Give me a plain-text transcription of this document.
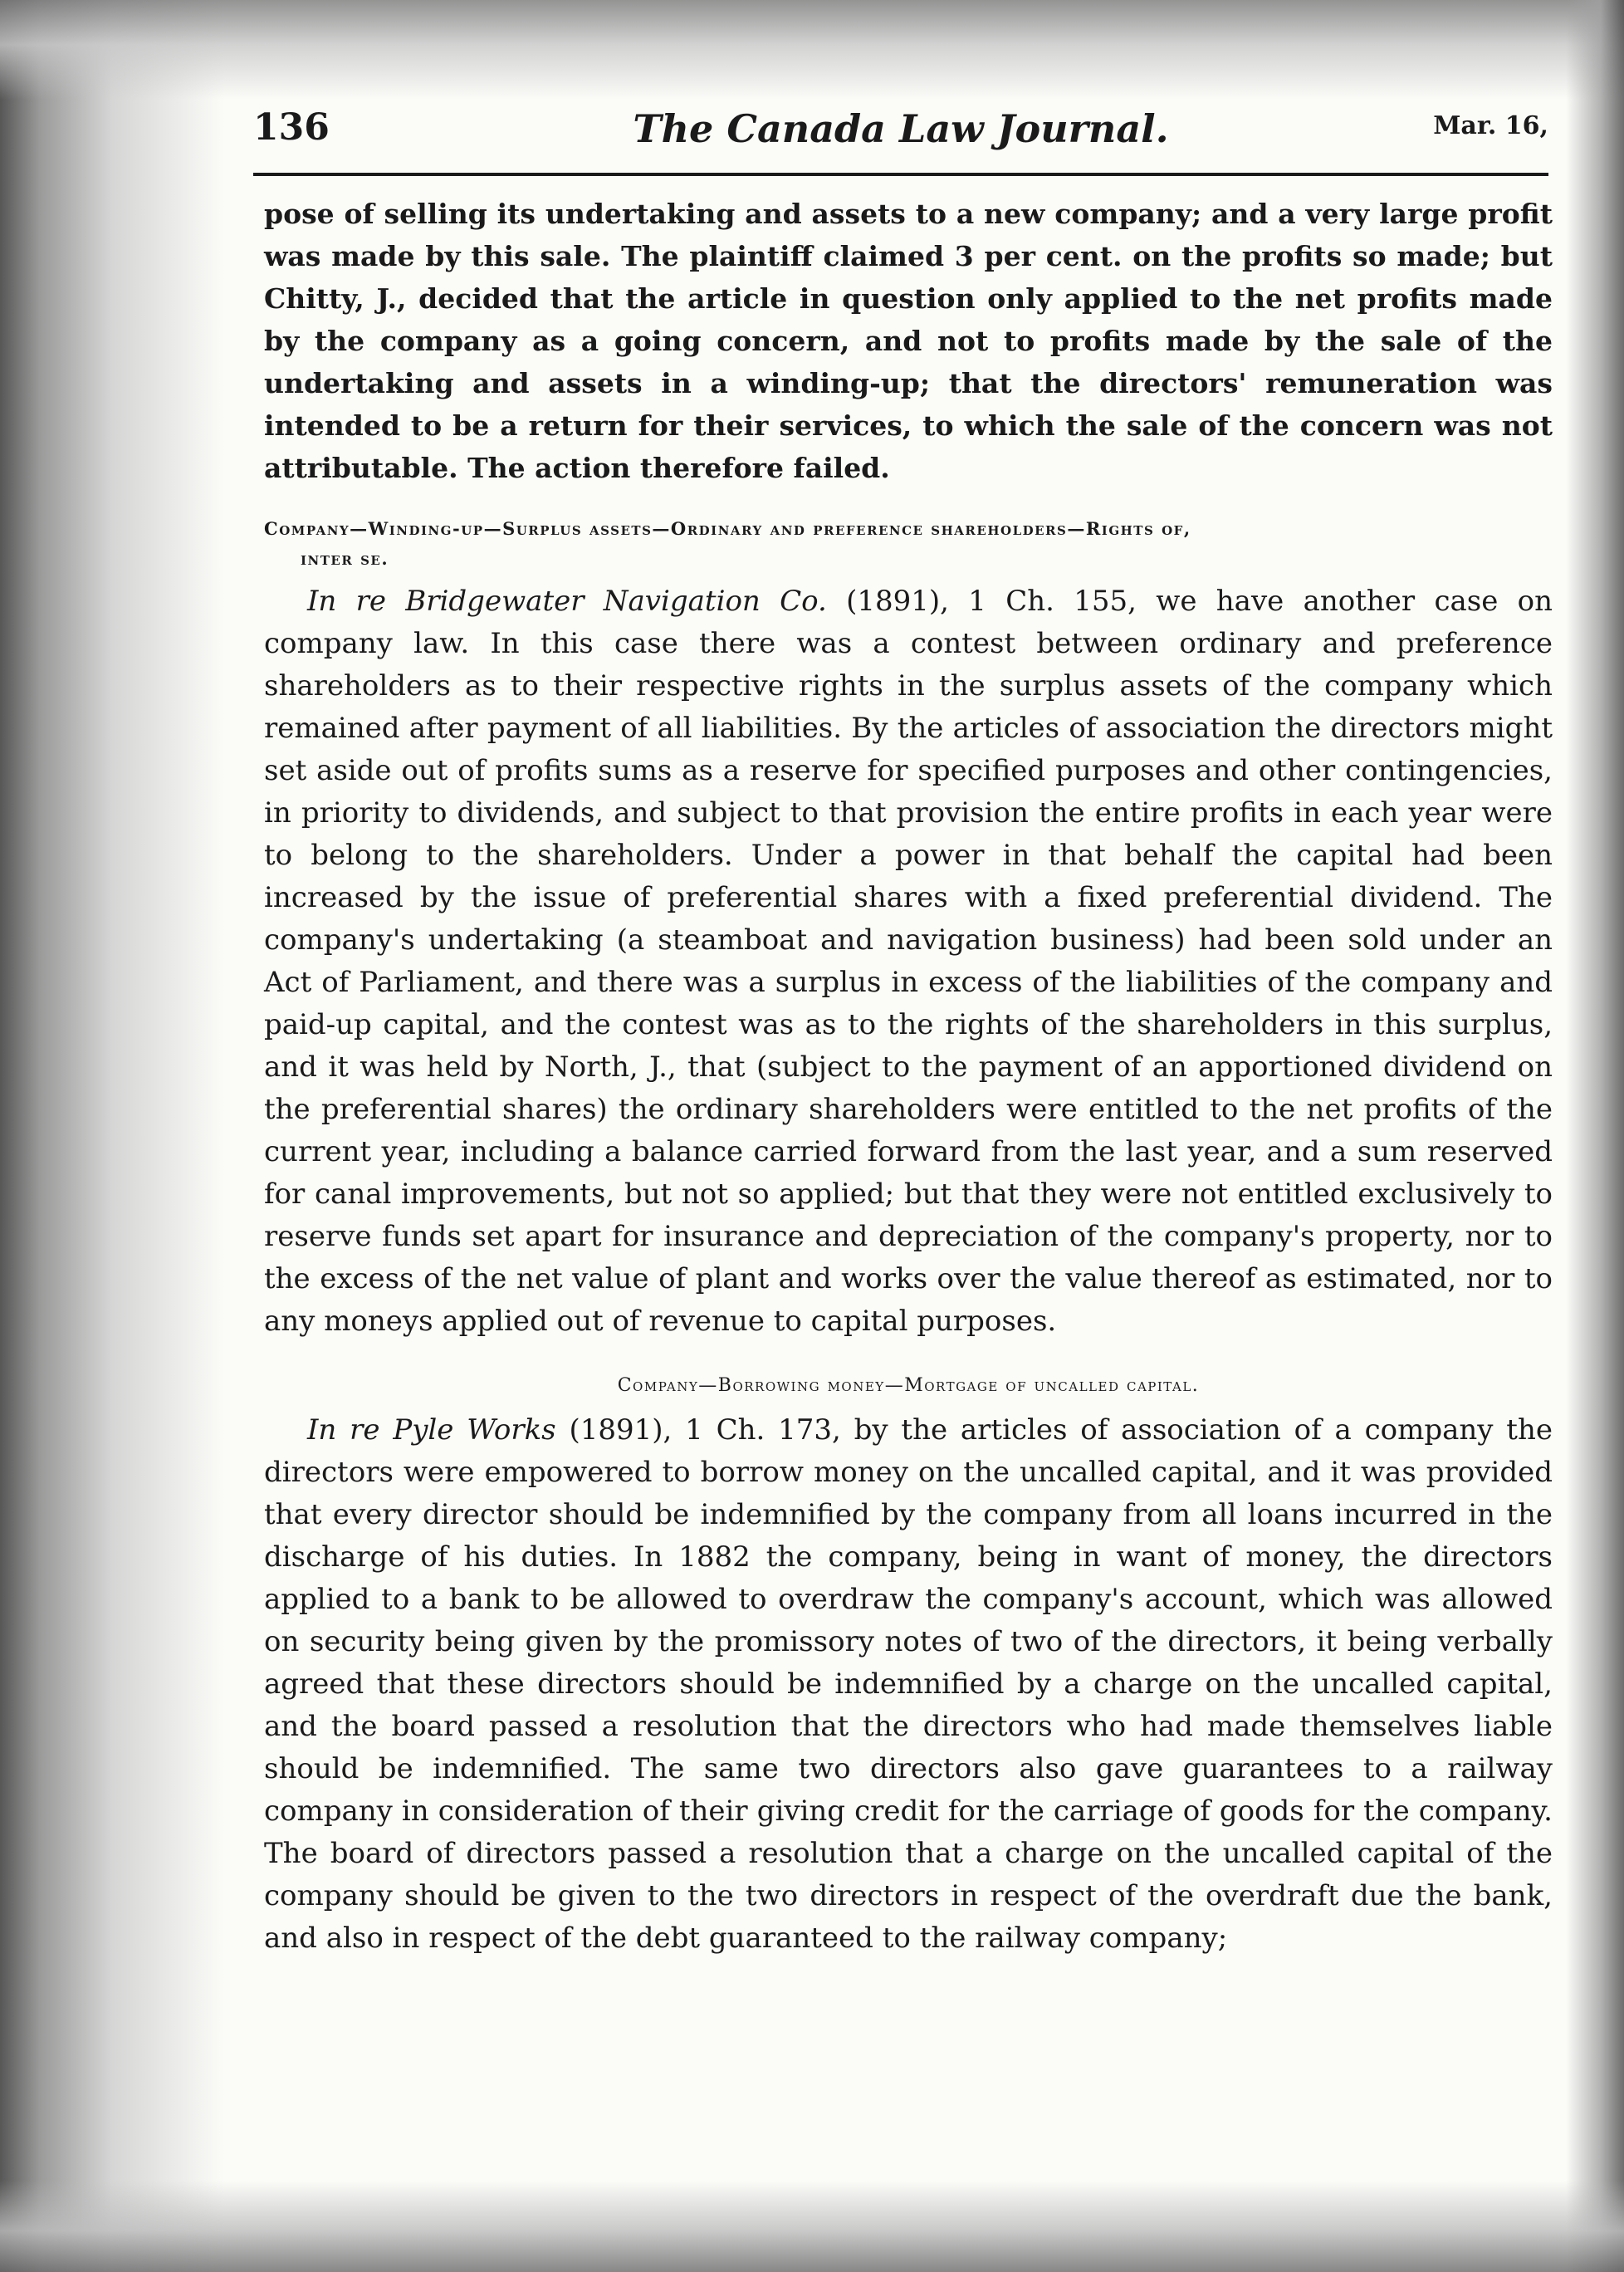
136	The Canada Law Journal.	Mar. 16,

pose of selling its undertaking and assets to a new company; and a very large profit was made by this sale. The plaintiff claimed 3 per cent. on the profits so made; but Chitty, J., decided that the article in question only applied to the net profits made by the company as a going concern, and not to profits made by the sale of the undertaking and assets in a winding-up; that the directors' remuneration was intended to be a return for their services, to which the sale of the concern was not attributable. The action therefore failed.

Company—Winding-up—Surplus assets—Ordinary and preference shareholders—Rights of,
inter se.

In re Bridgewater Navigation Co. (1891), 1 Ch. 155, we have another case on company law. In this case there was a contest between ordinary and preference shareholders as to their respective rights in the surplus assets of the company which remained after payment of all liabilities. By the articles of association the directors might set aside out of profits sums as a reserve for specified purposes and other contingencies, in priority to dividends, and subject to that provision the entire profits in each year were to belong to the shareholders. Under a power in that behalf the capital had been increased by the issue of preferential shares with a fixed preferential dividend. The company's undertaking (a steamboat and navigation business) had been sold under an Act of Parliament, and there was a surplus in excess of the liabilities of the company and paid-up capital, and the contest was as to the rights of the shareholders in this surplus, and it was held by North, J., that (subject to the payment of an apportioned dividend on the preferential shares) the ordinary shareholders were entitled to the net profits of the current year, including a balance carried forward from the last year, and a sum reserved for canal improvements, but not so applied; but that they were not entitled exclusively to reserve funds set apart for insurance and depreciation of the company's property, nor to the excess of the net value of plant and works over the value thereof as estimated, nor to any moneys applied out of revenue to capital purposes.

Company—Borrowing money—Mortgage of uncalled capital.

In re Pyle Works (1891), 1 Ch. 173, by the articles of association of a company the directors were empowered to borrow money on the uncalled capital, and it was provided that every director should be indemnified by the company from all loans incurred in the discharge of his duties. In 1882 the company, being in want of money, the directors applied to a bank to be allowed to overdraw the company's account, which was allowed on security being given by the promissory notes of two of the directors, it being verbally agreed that these directors should be indemnified by a charge on the uncalled capital, and the board passed a resolution that the directors who had made themselves liable should be indemnified. The same two directors also gave guarantees to a railway company in consideration of their giving credit for the carriage of goods for the company. The board of directors passed a resolution that a charge on the uncalled capital of the company should be given to the two directors in respect of the overdraft due the bank, and also in respect of the debt guaranteed to the railway company;
